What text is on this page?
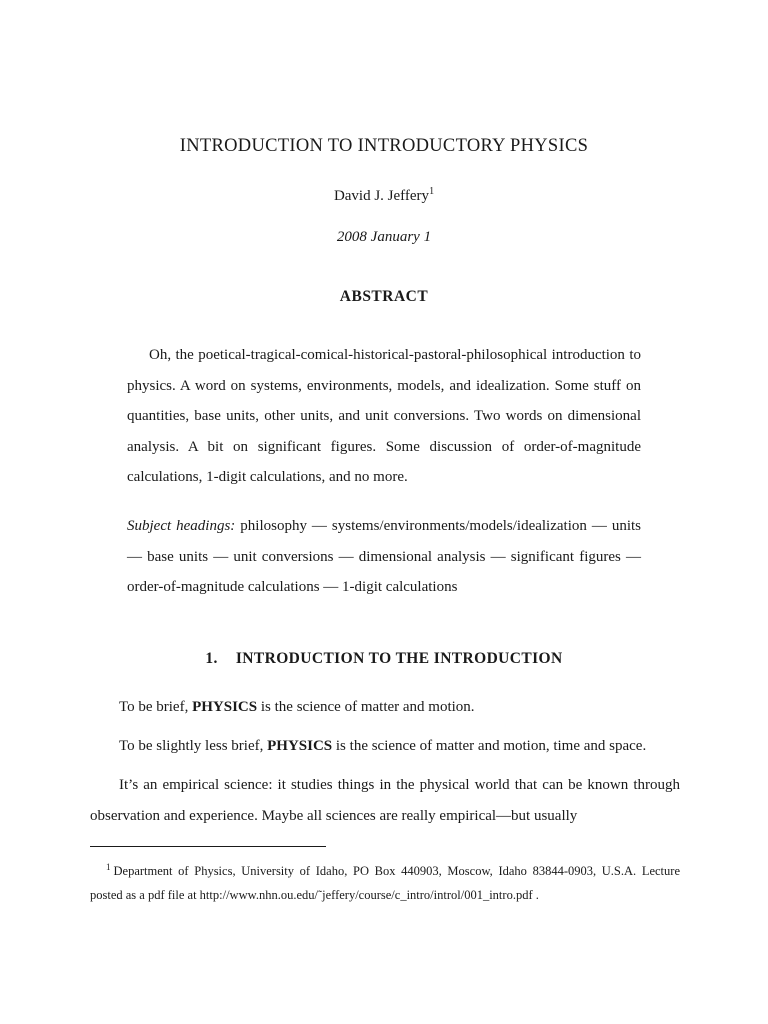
INTRODUCTION TO INTRODUCTORY PHYSICS
David J. Jeffery$^1$
2008 January 1
ABSTRACT

Oh, the poetical-tragical-comical-historical-pastoral-philosophical introduction to physics. A word on systems, environments, models, and idealization. Some stuff on quantities, base units, other units, and unit conversions. Two words on dimensional analysis. A bit on significant figures. Some discussion of order-of-magnitude calculations, 1-digit calculations, and no more.

Subject headings: philosophy — systems/environments/models/idealization — units — base units — unit conversions — dimensional analysis — significant figures — order-of-magnitude calculations — 1-digit calculations

1. INTRODUCTION TO THE INTRODUCTION

To be brief, PHYSICS is the science of matter and motion.

To be slightly less brief, PHYSICS is the science of matter and motion, time and space.

It’s an empirical science: it studies things in the physical world that can be known through observation and experience. Maybe all sciences are really empirical—but usually

$^1$ Department of Physics, University of Idaho, PO Box 440903, Moscow, Idaho 83844-0903, U.S.A. Lecture posted as a pdf file at http://www.nhn.ou.edu/˜jeffery/course/c_intro/introl/001_intro.pdf .
